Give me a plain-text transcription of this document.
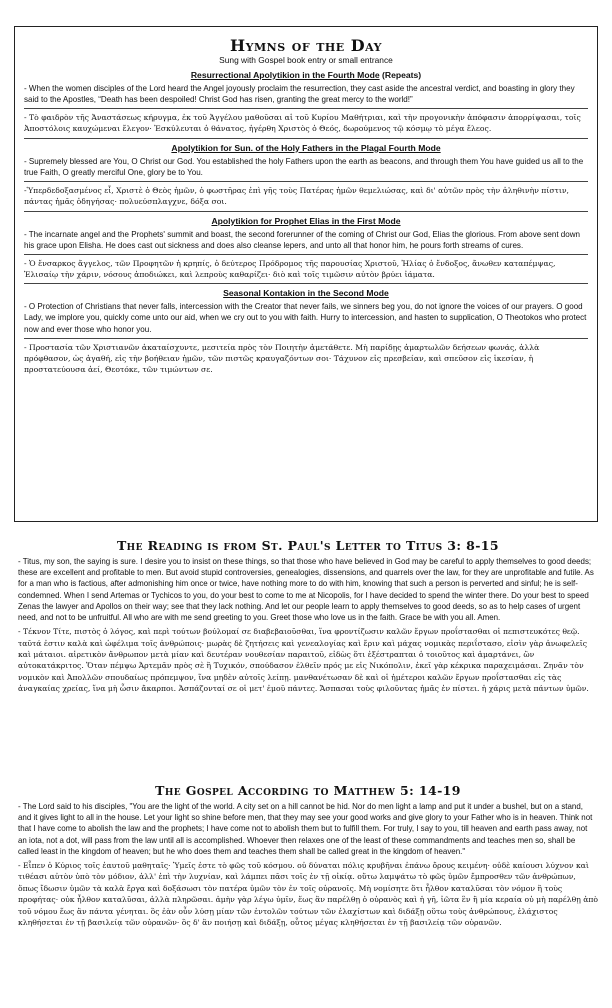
Hymns of the Day
Sung with Gospel book entry or small entrance
Resurrectional Apolytikion in the Fourth Mode (Repeats)
- When the women disciples of the Lord heard the Angel joyously proclaim the resurrection, they cast aside the ancestral verdict, and boasting in glory they said to the Apostles, “Death has been despoiled! Christ God has risen, granting the great mercy to the world!”
- Τὸ φαιδρὸν τῆς Ἀναστάσεως κήρυγμα, ἐκ τοῦ Ἀγγέλου μαθοῦσαι αἱ τοῦ Κυρίου Μαθήτριαι, καὶ τὴν προγονικὴν ἀπόφασιν ἀπορρίψασαι, τοῖς Ἀποστόλοις καυχώμεναι ἔλεγον· Ἐσκύλευται ὁ θάνατος, ἠγέρθη Χριστὸς ὁ Θεός, δωρούμενος τῷ κόσμῳ τὸ μέγα ἔλεος.
Apolytikion for Sun. of the Holy Fathers in the Plagal Fourth Mode
- Supremely blessed are You, O Christ our God. You established the holy Fathers upon the earth as beacons, and through them You have guided us all to the true Faith, O greatly merciful One, glory be to You.
-Ὑπερδεδοξασμένος εἶ, Χριστὲ ὁ Θεὸς ἡμῶν, ὁ φωστῆρας ἐπὶ γῆς τοὺς Πατέρας ἡμῶν θεμελιώσας, καὶ δι' αὐτῶν πρὸς τὴν ἀληθινὴν πίστιν, πάντας ἡμᾶς ὁδηγήσας· πολυεύσπλαγχνε, δόξα σοι.
Apolytikion for Prophet Elias in the First Mode
- The incarnate angel and the Prophets' summit and boast, the second forerunner of the coming of Christ our God, Elias the glorious. From above sent down his grace upon Elisha. He does cast out sickness and does also cleanse lepers, and unto all that honor him, he pours forth streams of cures.
- Ὁ ἔνσαρκος ἄγγελος, τῶν Προφητῶν ἡ κρηπίς, ὁ δεύτερος Πρόδρομος τῆς παρουσίας Χριστοῦ, Ἠλίας ὁ ἔνδοξος, ἄνωθεν καταπέμψας, Ἐλισαίῳ τὴν χάριν, νόσους ἀποδιώκει, καὶ λεπροὺς καθαρίζει· διὸ καὶ τοῖς τιμῶσιν αὐτὸν βρύει ἰάματα.
Seasonal Kontakion in the Second Mode
- O Protection of Christians that never falls, intercession with the Creator that never fails, we sinners beg you, do not ignore the voices of our prayers. O good Lady, we implore you, quickly come unto our aid, when we cry out to you with faith. Hurry to intercession, and hasten to supplication, O Theotokos who protect now and ever those who honor you.
- Προστασία τῶν Χριστιανῶν ἀκαταίσχυντε, μεσιτεία πρὸς τὸν Ποιητὴν ἀμετάθετε. Μὴ παρίδῃς ἁμαρτωλῶν δεήσεων φωνάς, ἀλλὰ πρόφθασον, ὡς ἀγαθή, εἰς τὴν βοήθειαν ἡμῶν, τῶν πιστῶς κραυγαζόντων σοι· Τάχυνον εἰς πρεσβείαν, καὶ σπεῦσον εἰς ἱκεσίαν, ἡ προστατεύουσα ἀεί, Θεοτόκε, τῶν τιμώντων σε.
The Reading is from St. Paul's Letter to Titus 3: 8-15
- Titus, my son, the saying is sure. I desire you to insist on these things, so that those who have believed in God may be careful to apply themselves to good deeds; these are excellent and profitable to men. But avoid stupid controversies, genealogies, dissensions, and quarrels over the law, for they are unprofitable and futile. As for a man who is factious, after admonishing him once or twice, have nothing more to do with him, knowing that such a person is perverted and sinful; he is self-condemned. When I send Artemas or Tychicos to you, do your best to come to me at Nicopolis, for I have decided to spend the winter there. Do your best to speed Zenas the lawyer and Apollos on their way; see that they lack nothing. And let our people learn to apply themselves to good deeds, so as to help cases of urgent need, and not to be unfruitful. All who are with me send greeting to you. Greet those who love us in the faith. Grace be with you all. Amen.
- Τέκνον Τίτε, πιστὸς ὁ λόγος, καὶ περὶ τούτων βούλομαί σε διαβεβαιοῦσθαι, ἵνα φροντίζωσιν καλῶν ἔργων προΐστασθαι οἱ πεπιστευκότες θεῷ. ταῦτά ἐστιν καλὰ καὶ ὠφέλιμα τοῖς ἀνθρώποις· μωρὰς δὲ ζητήσεις καὶ γενεαλογίας καὶ ἔριν καὶ μάχας νομικὰς περιΐστασο, εἰσὶν γὰρ ἀνωφελεῖς καὶ μάταιοι. αἱρετικὸν ἄνθρωπον μετὰ μίαν καὶ δευτέραν νουθεσίαν παραιτοῦ, εἰδὼς ὅτι ἐξέστραπται ὁ τοιοῦτος καὶ ἁμαρτάνει, ὢν αὐτοκατάκριτος. Ὅταν πέμψω Ἀρτεμᾶν πρὸς σὲ ἢ Τυχικόν, σπούδασον ἐλθεῖν πρός με εἰς Νικόπολιν, ἐκεῖ γὰρ κέκρικα παραχειμάσαι. Ζηνᾶν τὸν νομικὸν καὶ Ἀπολλῶν σπουδαίως πρόπεμψον, ἵνα μηδὲν αὐτοῖς λείπῃ. μανθανέτωσαν δὲ καὶ οἱ ἡμέτεροι καλῶν ἔργων προΐστασθαι εἰς τὰς ἀναγκαίας χρείας, ἵνα μὴ ὦσιν ἄκαρποι. Ἀσπάζονταί σε οἱ μετ' ἐμοῦ πάντες. Ἄσπασαι τοὺς φιλοῦντας ἡμᾶς ἐν πίστει. ἡ χάρις μετὰ πάντων ὑμῶν.
The Gospel According to Matthew 5: 14-19
- The Lord said to his disciples, "You are the light of the world. A city set on a hill cannot be hid. Nor do men light a lamp and put it under a bushel, but on a stand, and it gives light to all in the house. Let your light so shine before men, that they may see your good works and give glory to your Father who is in heaven. Think not that I have come to abolish the law and the prophets; I have come not to abolish them but to fulfill them. For truly, I say to you, till heaven and earth pass away, not an iota, not a dot, will pass from the law until all is accomplished. Whoever then relaxes one of the least of these commandments and teaches men so, shall be called least in the kingdom of heaven; but he who does them and teaches them shall be called great in the kingdom of heaven."
- Εἶπεν ὁ Κύριος τοῖς ἑαυτοῦ μαθηταῖς· Ὑμεῖς ἐστε τὸ φῶς τοῦ κόσμου. οὐ δύναται πόλις κρυβῆναι ἐπάνω ὄρους κειμένη· οὐδὲ καίουσι λύχνον καὶ τιθέασι αὐτὸν ὑπὸ τὸν μόδιον, ἀλλ' ἐπὶ τὴν λυχνίαν, καὶ λάμπει πᾶσι τοῖς ἐν τῇ οἰκίᾳ. οὕτω λαμψάτω τὸ φῶς ὑμῶν ἔμπροσθεν τῶν ἀνθρώπων, ὅπως ἴδωσιν ὑμῶν τὰ καλὰ ἔργα καὶ δοξάσωσι τὸν πατέρα ὑμῶν τὸν ἐν τοῖς οὐρανοῖς. Μὴ νομίσητε ὅτι ἦλθον καταλῦσαι τὸν νόμον ἢ τοὺς προφήτας· οὐκ ἦλθον καταλῦσαι, ἀλλὰ πληρῶσαι. ἀμὴν γὰρ λέγω ὑμῖν, ἕως ἂν παρέλθῃ ὁ οὐρανὸς καὶ ἡ γῆ, ἰῶτα ἓν ἢ μία κεραία οὐ μὴ παρέλθῃ ἀπὸ τοῦ νόμου ἕως ἂν πάντα γένηται. ὃς ἐὰν οὖν λύσῃ μίαν τῶν ἐντολῶν τούτων τῶν ἐλαχίστων καὶ διδάξῃ οὕτω τοὺς ἀνθρώπους, ἐλάχιστος κληθήσεται ἐν τῇ βασιλείᾳ τῶν οὐρανῶν· ὃς δ' ἂν ποιήσῃ καὶ διδάξῃ, οὗτος μέγας κληθήσεται ἐν τῇ βασιλείᾳ τῶν οὐρανῶν.
